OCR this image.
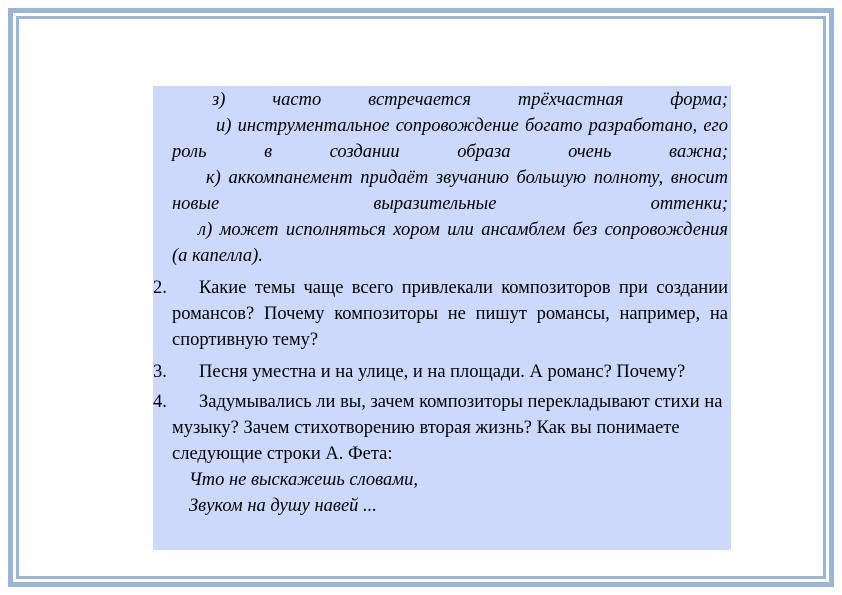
з) часто встречается трёхчастная форма;
и) инструментальное сопровождение богато разработано, его роль в создании образа очень важна;
к) аккомпанемент придаёт звучанию большую полноту, вносит новые выразительные оттенки;
л) может исполняться хором или ансамблем без сопровождения (а капелла).
2. Какие темы чаще всего привлекали композиторов при создании романсов? Почему композиторы не пишут романсы, например, на спортивную тему?
3. Песня уместна и на улице, и на площади. А романс? Почему?
4. Задумывались ли вы, зачем композиторы перекладывают стихи на музыку? Зачем стихотворению вторая жизнь? Как вы понимаете следующие строки А. Фета:
Что не выскажешь словами,
Звуком на душу навей ...
